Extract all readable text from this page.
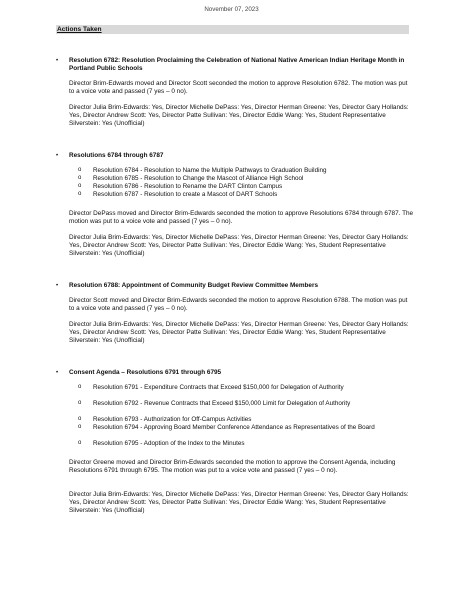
November 07, 2023
Actions Taken
• Resolution 6782: Resolution Proclaiming the Celebration of National Native American Indian Heritage Month in Portland Public Schools
Director Brim-Edwards moved and Director Scott seconded the motion to approve Resolution 6782. The motion was put to a voice vote and passed (7 yes – 0 no).
Director Julia Brim-Edwards: Yes, Director Michelle DePass: Yes, Director Herman Greene: Yes, Director Gary Hollands: Yes, Director Andrew Scott: Yes, Director Patte Sullivan: Yes, Director Eddie Wang: Yes, Student Representative Silverstein: Yes (Unofficial)
• Resolutions 6784 through 6787
o Resolution 6784 - Resolution to Name the Multiple Pathways to Graduation Building
o Resolution 6785 - Resolution to Change the Mascot of Alliance High School
o Resolution 6786 - Resolution to Rename the DART Clinton Campus
o Resolution 6787 - Resolution to create a Mascot of DART Schools
Director DePass moved and Director Brim-Edwards seconded the motion to approve Resolutions 6784 through 6787. The motion was put to a voice vote and passed (7 yes – 0 no).
Director Julia Brim-Edwards: Yes, Director Michelle DePass: Yes, Director Herman Greene: Yes, Director Gary Hollands: Yes, Director Andrew Scott: Yes, Director Patte Sullivan: Yes, Director Eddie Wang: Yes, Student Representative Silverstein: Yes (Unofficial)
• Resolution 6788: Appointment of Community Budget Review Committee Members
Director Scott moved and Director Brim-Edwards seconded the motion to approve Resolution 6788. The motion was put to a voice vote and passed (7 yes – 0 no).
Director Julia Brim-Edwards: Yes, Director Michelle DePass: Yes, Director Herman Greene: Yes, Director Gary Hollands: Yes, Director Andrew Scott: Yes, Director Patte Sullivan: Yes, Director Eddie Wang: Yes, Student Representative Silverstein: Yes (Unofficial)
• Consent Agenda – Resolutions 6791 through 6795
o Resolution 6791 - Expenditure Contracts that Exceed $150,000 for Delegation of Authority
o Resolution 6792 - Revenue Contracts that Exceed $150,000 Limit for Delegation of Authority
o Resolution 6793 - Authorization for Off-Campus Activities
o Resolution 6794 - Approving Board Member Conference Attendance as Representatives of the Board
o Resolution 6795 - Adoption of the Index to the Minutes
Director Greene moved and Director Brim-Edwards seconded the motion to approve the Consent Agenda, including Resolutions 6791 through 6795. The motion was put to a voice vote and passed (7 yes – 0 no).
Director Julia Brim-Edwards: Yes, Director Michelle DePass: Yes, Director Herman Greene: Yes, Director Gary Hollands: Yes, Director Andrew Scott: Yes, Director Patte Sullivan: Yes, Director Eddie Wang: Yes, Student Representative Silverstein: Yes (Unofficial)
